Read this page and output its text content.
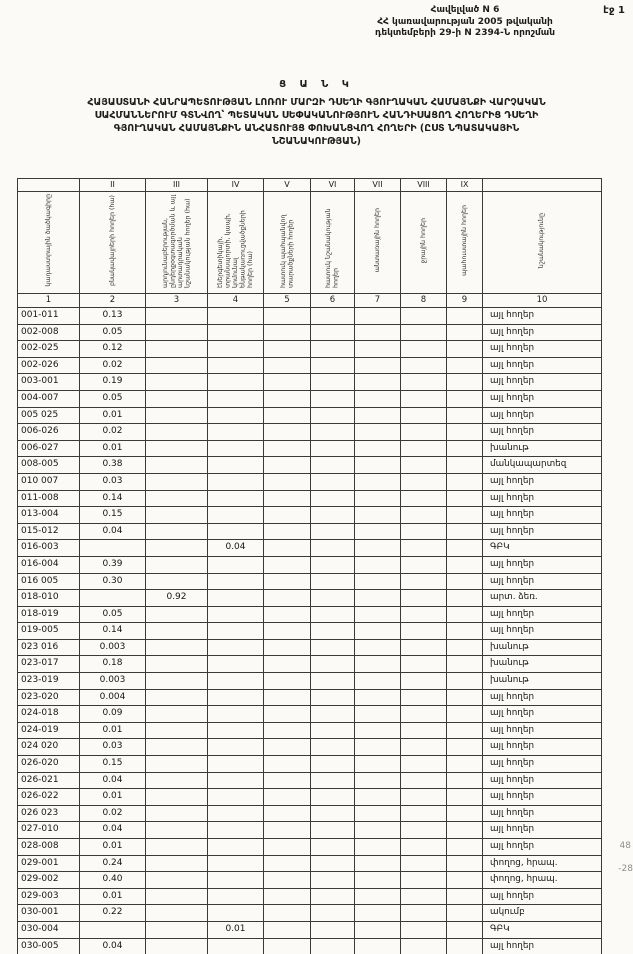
էջ 1
Հավելված N 6
ՀՀ կառավարության 2005 թվականի
դեկտեմբերի 29-ի N 2394-Ն որոշման
Ց Ա Ն Կ
ՀԱՅԱՍՏԱՆԻ ՀԱՆՐԱՊԵՏՈՒԹՅԱՆ ԼՈՌՈՒ ՄԱՐԶԻ ԴՍԵՂԻ ԳՅՈՒՂԱԿԱՆ ՀԱՄԱՅՆՔԻ ՎԱՐՉԱԿԱՆ
ՍԱՀՄԱՆՆԵՐՈՒՄ ԳՏՆՎՈՂ՝ ՊԵՏԱԿԱՆ ՍԵՓԱԿԱՆՈՒԹՅՈՒՆ ՀԱՆԴԻՍԱՑՈՂ ՀՈՂԵՐԻՑ ԴՍԵՂԻ
ԳՅՈՒՂԱԿԱՆ ՀԱՄԱՅՆՔԻՆ ԱՆՀԱՏՈՒՅՑ ՓՈԽԱՆՑՎՈՂ ՀՈՂԵՐԻ (ԸՍՏ ՆՊԱՏԱԿԱՅԻՆ
ՆՇԱՆԱԿՈՒԹՅԱՆ)
	II	III	IV	V	VI	VII	VIII	IX	
կադաստրային ծածկագիրը	բնակավայրերի հողեր (հա)	արդյունաբերության, ընդերքօգտագործման և այլ արտադրական նշանակության հողեր (հա)	էներգետիկայի, տրանսպորտի, կապի, կոմունալ ենթակառուցվածքների հողեր (հա)	հատուկ պահպանվող տարածքների հողեր	հատուկ նշանակության հողեր	անտառային հողեր	ջրային հողեր	պահուստային հողեր	նշանակությունը
1	2	3	4	5	6	7	8	9	10
001-011	0.13								այլ հողեր
002-008	0.05								այլ հողեր
002-025	0.12								այլ հողեր
002-026	0.02								այլ հողեր
003-001	0.19								այլ հողեր
004-007	0.05								այլ հողեր
005 025	0.01								այլ հողեր
006-026	0.02								այլ հողեր
006-027	0.01								խանութ
008-005	0.38								մանկապարտեզ
010 007	0.03								այլ հողեր
011-008	0.14								այլ հողեր
013-004	0.15								այլ հողեր
015-012	0.04								այլ հողեր
016-003			0.04						ԳԲԿ
016-004	0.39								այլ հողեր
016 005	0.30								այլ հողեր
018-010		0.92							արտ. ձեռ.
018-019	0.05								այլ հողեր
019-005	0.14								այլ հողեր
023 016	0.003								խանութ
023-017	0.18								խանութ
023-019	0.003								խանութ
023-020	0.004								այլ հողեր
024-018	0.09								այլ հողեր
024-019	0.01								այլ հողեր
024 020	0.03								այլ հողեր
026-020	0.15								այլ հողեր
026-021	0.04								այլ հողեր
026-022	0.01								այլ հողեր
026 023	0.02								այլ հողեր
027-010	0.04								այլ հողեր
028-008	0.01								այլ հողեր
029-001	0.24								փողոց, հրապ.
029-002	0.40								փողոց, հրապ.
029-003	0.01								այլ հողեր
030-001	0.22								ակումբ
030-004			0.01						ԳԲԿ
030-005	0.04								այլ հողեր
48
-28
